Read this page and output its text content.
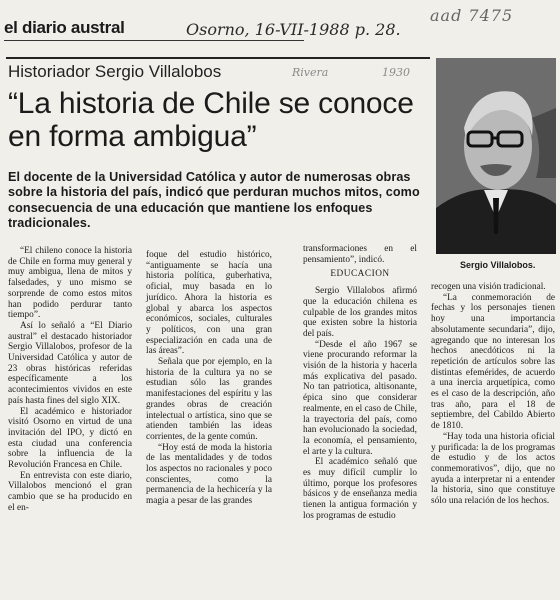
el diario austral	Osorno, 16-VII-1988 p. 28.
aad 7475
Rivera	1930
Historiador Sergio Villalobos
“La historia de Chile se conoce en forma ambigua”
El docente de la Universidad Católica y autor de numerosas obras sobre la historia del país, indicó que perduran muchos mitos, como consecuencia de una educación que mantiene los enfoques tradicionales.
Sergio Villalobos.

“El chileno conoce la historia de Chile en forma muy general y muy ambigua, llena de mitos y falsedades, y uno mismo se sorprende de como estos mitos han podido perdurar tanto tiempo”.

Así lo señaló a “El Diario austral” el destacado historiador Sergio Villalobos, profesor de la Universidad Católica y autor de 23 obras históricas referidas específicamente a los acontecimientos vividos en este país hasta fines del siglo XIX.

El académico e historiador visitó Osorno en virtud de una invitación del IPO, y dictó en esta ciudad una conferencia sobre la influencia de la Revolución Francesa en Chile.

En entrevista con este diario, Villalobos mencionó el gran cambio que se ha producido en el en-

foque del estudio histórico, “antiguamente se hacía una historia política, guberhativa, oficial, muy basada en lo jurídico. Ahora la historia es global y abarca los aspectos económicos, sociales, culturales y políticos, con una gran especialización en cada una de las áreas”.

Señala que por ejemplo, en la historia de la cultura ya no se estudian sólo las grandes manifestaciones del espíritu y las grandes obras de creación intelectual o artística, sino que se atienden también las ideas corrientes, de la gente común.

“Hoy está de moda la historia de las mentalidades y de todos los aspectos no racionales y poco conscientes, como la permanencia de la hechicería y la magia a pesar de las grandes

transformaciones en el pensamiento”, indicó.

EDUCACION

Sergio Villalobos afirmó que la educación chilena es culpable de los grandes mitos que existen sobre la historia del país.

“Desde el año 1967 se viene procurando reformar la visión de la historia y hacerla más explicativa del pasado. No tan patriotica, altisonante, épica sino que considerar realmente, en el caso de Chile, la trayectoria del país, como han evolucionado la sociedad, la economía, el pensamiento, el arte y la cultura.

El académico señaló que es muy difícil cumplir lo último, porque los profesores básicos y de enseñanza media tienen la antigua formación y los programas de estudio

recogen una visión tradicional.

“La conmemoración de fechas y los personajes tienen hoy una importancia absolutamente secundaria”, dijo, agregando que no interesan los hechos anecdóticos ni la repetición de artículos sobre las distintas efemérides, de acuerdo a una inercia arquetípica, como es el caso de la descripción, año tras año, para el 18 de septiembre, del Cabildo Abierto de 1810.

“Hay toda una historia oficial y purificada: la de los programas de estudio y de los actos conmemorativos”, dijo, que no ayuda a interpretar ni a entender la historia, sino que constituye sólo una relación de los hechos.
